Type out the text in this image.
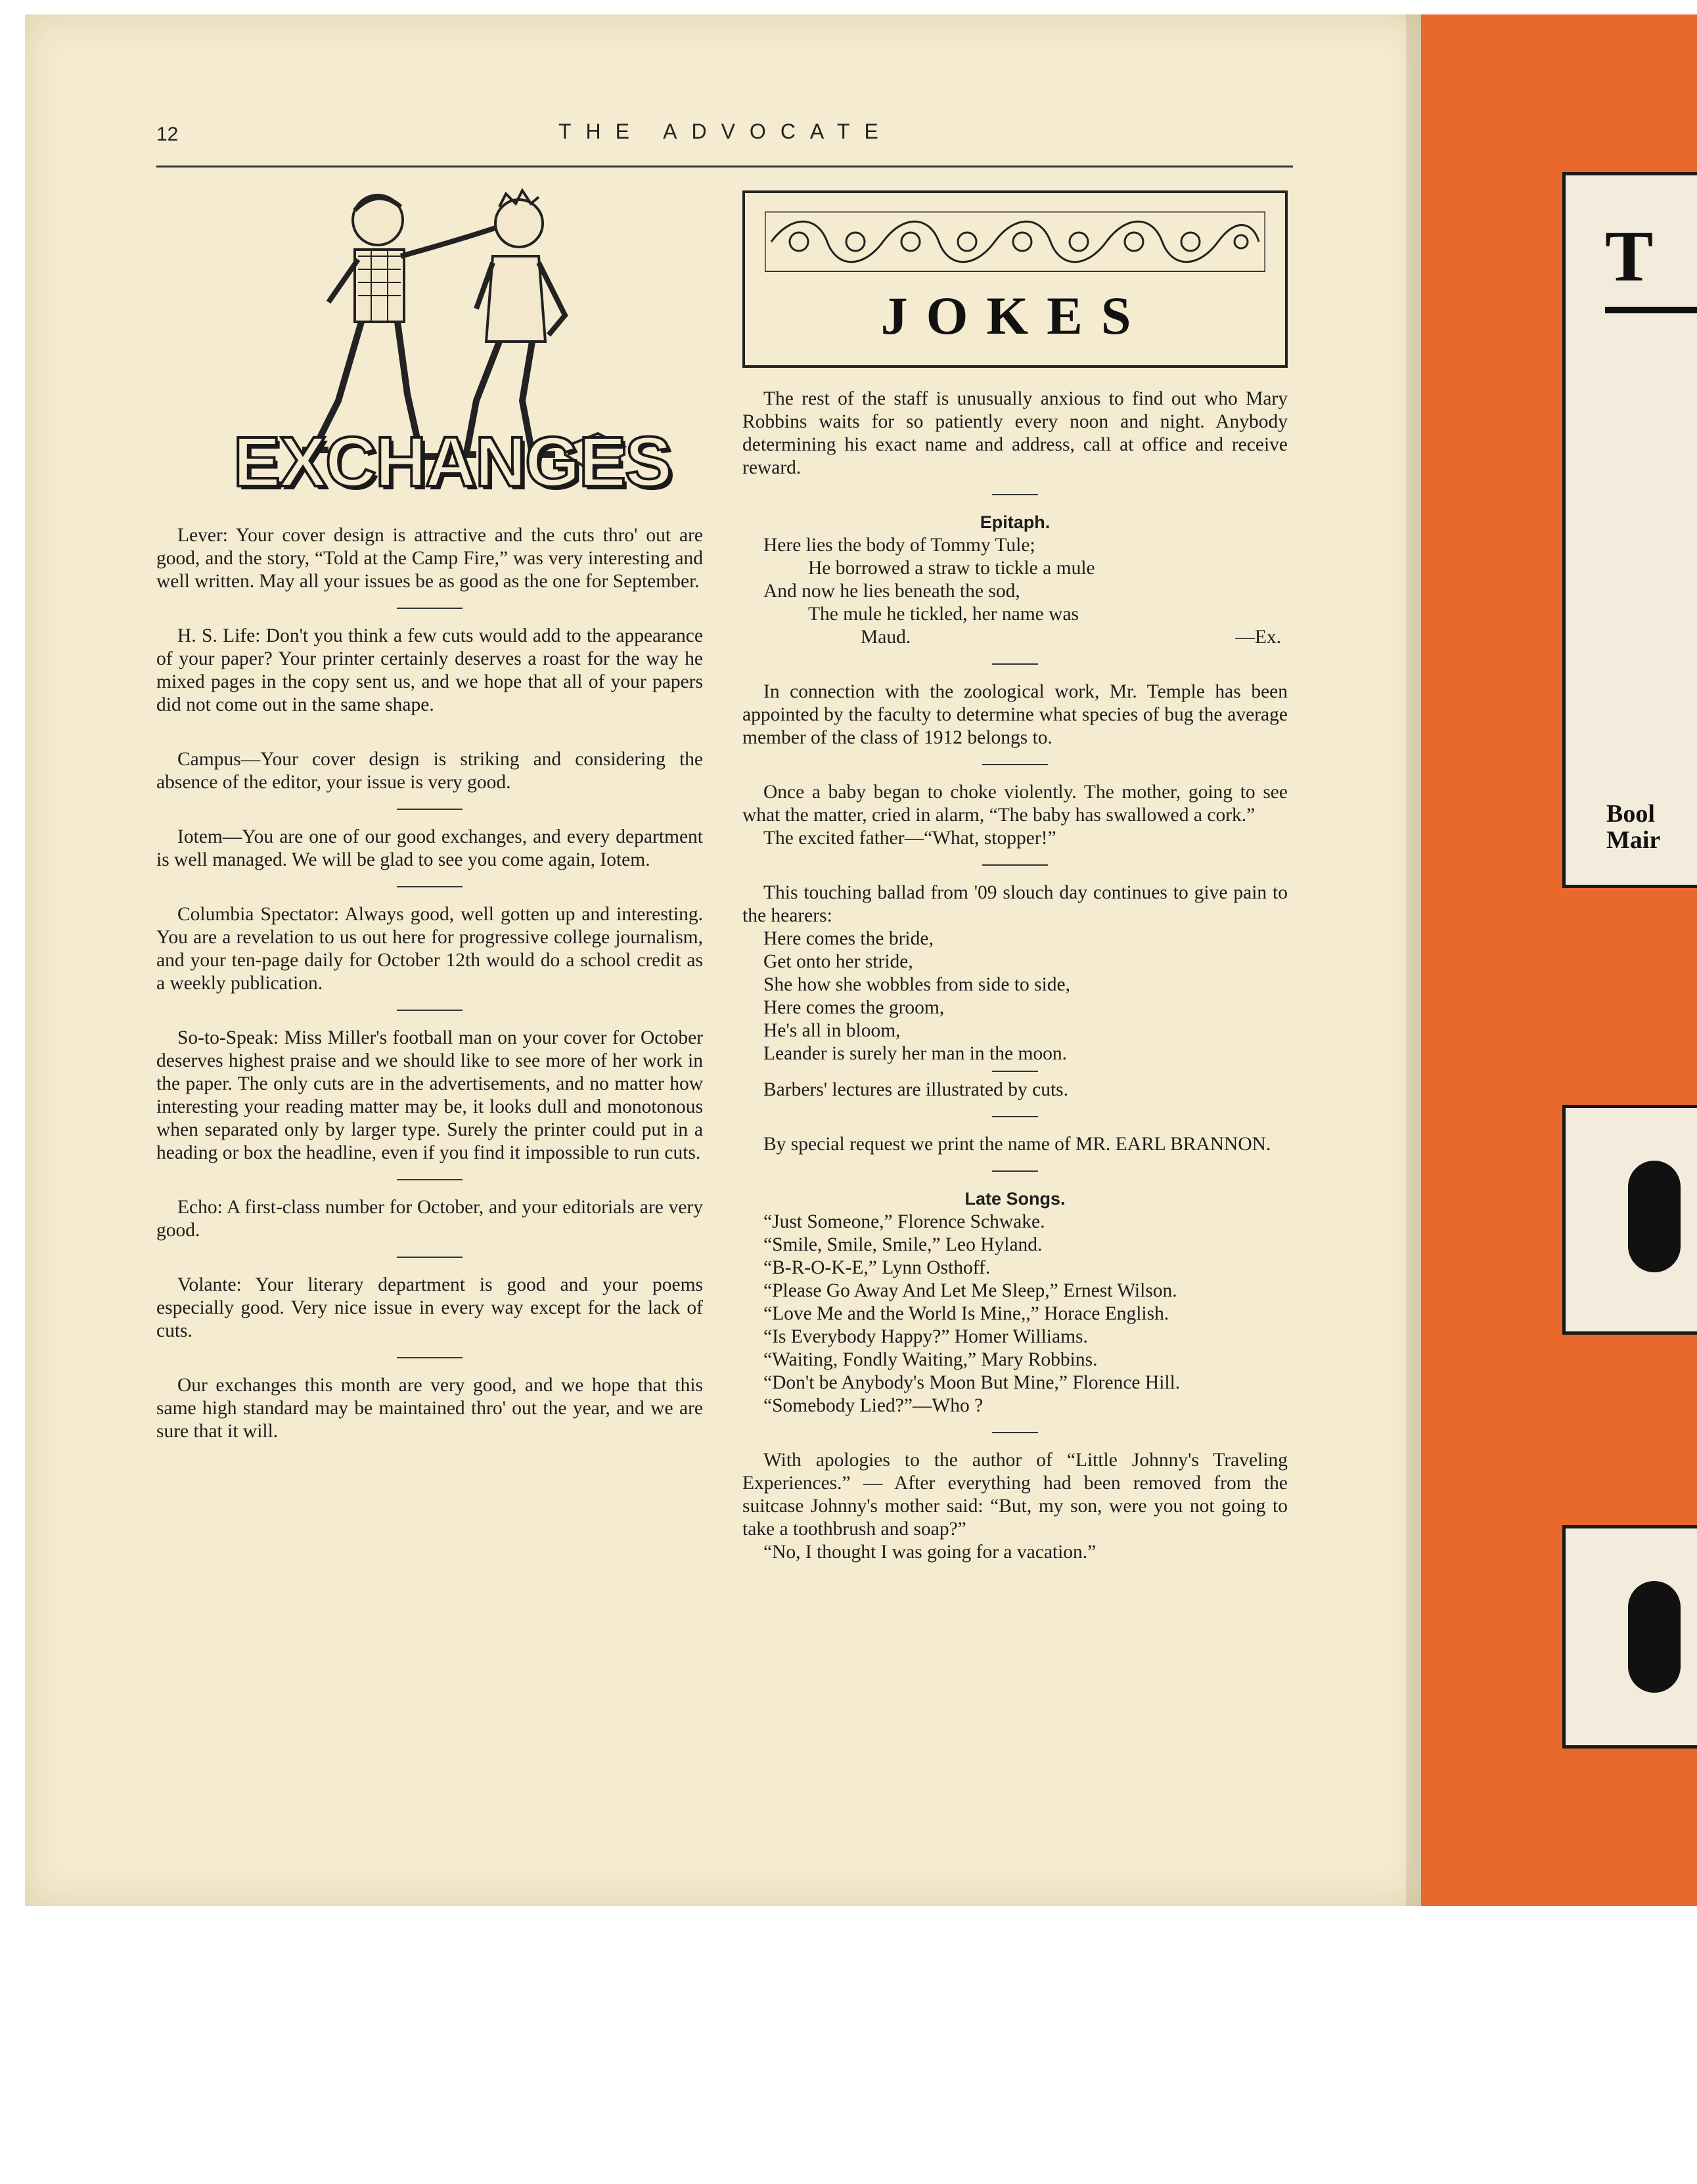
T
Bool
Mair
12	THE ADVOCATE
EXCHANGES

Lever: Your cover design is attractive and the cuts thro' out are good, and the story, “Told at the Camp Fire,” was very interesting and well written. May all your issues be as good as the one for September.

H. S. Life: Don't you think a few cuts would add to the appearance of your paper? Your printer certainly deserves a roast for the way he mixed pages in the copy sent us, and we hope that all of your papers did not come out in the same shape.

Campus—Your cover design is striking and considering the absence of the editor, your issue is very good.

Iotem—You are one of our good exchanges, and every department is well managed. We will be glad to see you come again, Iotem.

Columbia Spectator: Always good, well gotten up and interesting. You are a revelation to us out here for progressive college journalism, and your ten-page daily for October 12th would do a school credit as a weekly publication.

So-to-Speak: Miss Miller's football man on your cover for October deserves highest praise and we should like to see more of her work in the paper. The only cuts are in the advertisements, and no matter how interesting your reading matter may be, it looks dull and monotonous when separated only by larger type. Surely the printer could put in a heading or box the headline, even if you find it impossible to run cuts.

Echo: A first-class number for October, and your editorials are very good.

Volante: Your literary department is good and your poems especially good. Very nice issue in every way except for the lack of cuts.

Our exchanges this month are very good, and we hope that this same high standard may be maintained thro' out the year, and we are sure that it will.

JOKES

The rest of the staff is unusually anxious to find out who Mary Robbins waits for so patiently every noon and night. Anybody determining his exact name and address, call at office and receive reward.

Epitaph.

Here lies the body of Tommy Tule;

He borrowed a straw to tickle a mule

And now he lies beneath the sod,

The mule he tickled, her name was

Maud.	—Ex.

In connection with the zoological work, Mr. Temple has been appointed by the faculty to determine what species of bug the average member of the class of 1912 belongs to.

Once a baby began to choke violently. The mother, going to see what the matter, cried in alarm, “The baby has swallowed a cork.”

The excited father—“What, stopper!”

This touching ballad from '09 slouch day continues to give pain to the hearers:

Here comes the bride,

Get onto her stride,

She how she wobbles from side to side,

Here comes the groom,

He's all in bloom,

Leander is surely her man in the moon.

Barbers' lectures are illustrated by cuts.

By special request we print the name of MR. EARL BRANNON.

Late Songs.

“Just Someone,” Florence Schwake.

“Smile, Smile, Smile,” Leo Hyland.

“B-R-O-K-E,” Lynn Osthoff.

“Please Go Away And Let Me Sleep,” Ernest Wilson.

“Love Me and the World Is Mine,,” Horace English.

“Is Everybody Happy?” Homer Williams.

“Waiting, Fondly Waiting,” Mary Robbins.

“Don't be Anybody's Moon But Mine,” Florence Hill.

“Somebody Lied?”—Who ?

With apologies to the author of “Little Johnny's Traveling Experiences.” — After everything had been removed from the suitcase Johnny's mother said: “But, my son, were you not going to take a toothbrush and soap?”

“No, I thought I was going for a vacation.”
